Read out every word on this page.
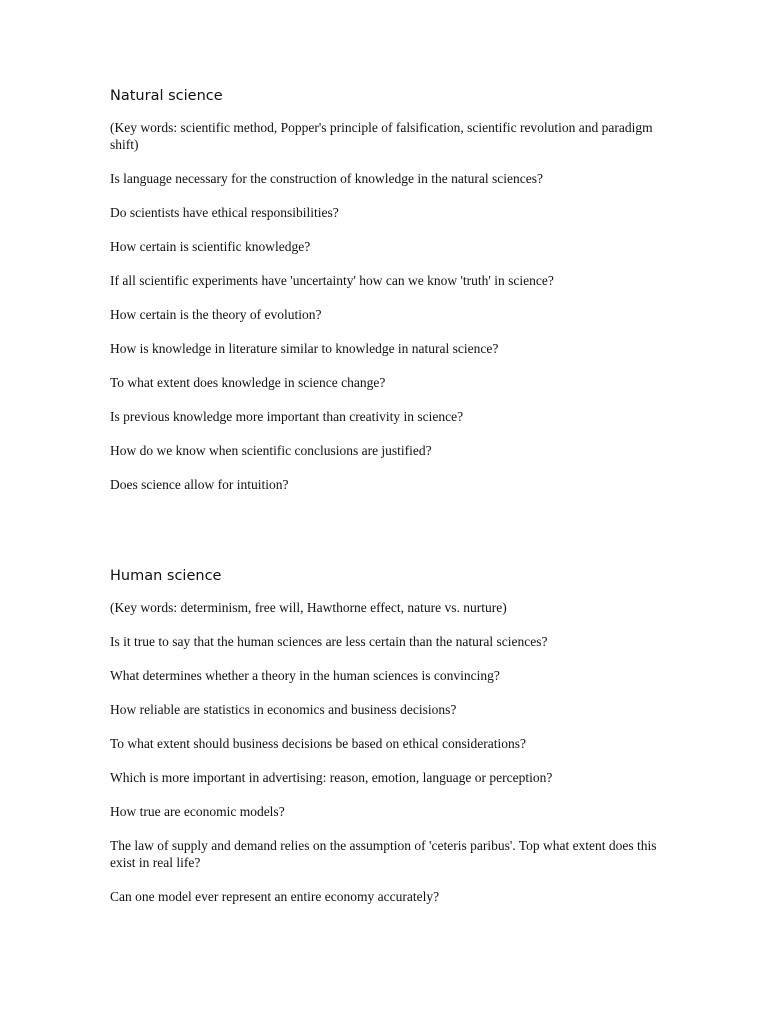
Natural science

(Key words: scientific method, Popper's principle of falsification, scientific revolution and paradigm shift)

Is language necessary for the construction of knowledge in the natural sciences?

Do scientists have ethical responsibilities?

How certain is scientific knowledge?

If all scientific experiments have 'uncertainty' how can we know 'truth' in science?

How certain is the theory of evolution?

How is knowledge in literature similar to knowledge in natural science?

To what extent does knowledge in science change?

Is previous knowledge more important than creativity in science?

How do we know when scientific conclusions are justified?

Does science allow for intuition?

Human science

(Key words: determinism, free will, Hawthorne effect, nature vs. nurture)

Is it true to say that the human sciences are less certain than the natural sciences?

What determines whether a theory in the human sciences is convincing?

How reliable are statistics in economics and business decisions?

To what extent should business decisions be based on ethical considerations?

Which is more important in advertising: reason, emotion, language or perception?

How true are economic models?

The law of supply and demand relies on the assumption of 'ceteris paribus'. Top what extent does this exist in real life?

Can one model ever represent an entire economy accurately?
